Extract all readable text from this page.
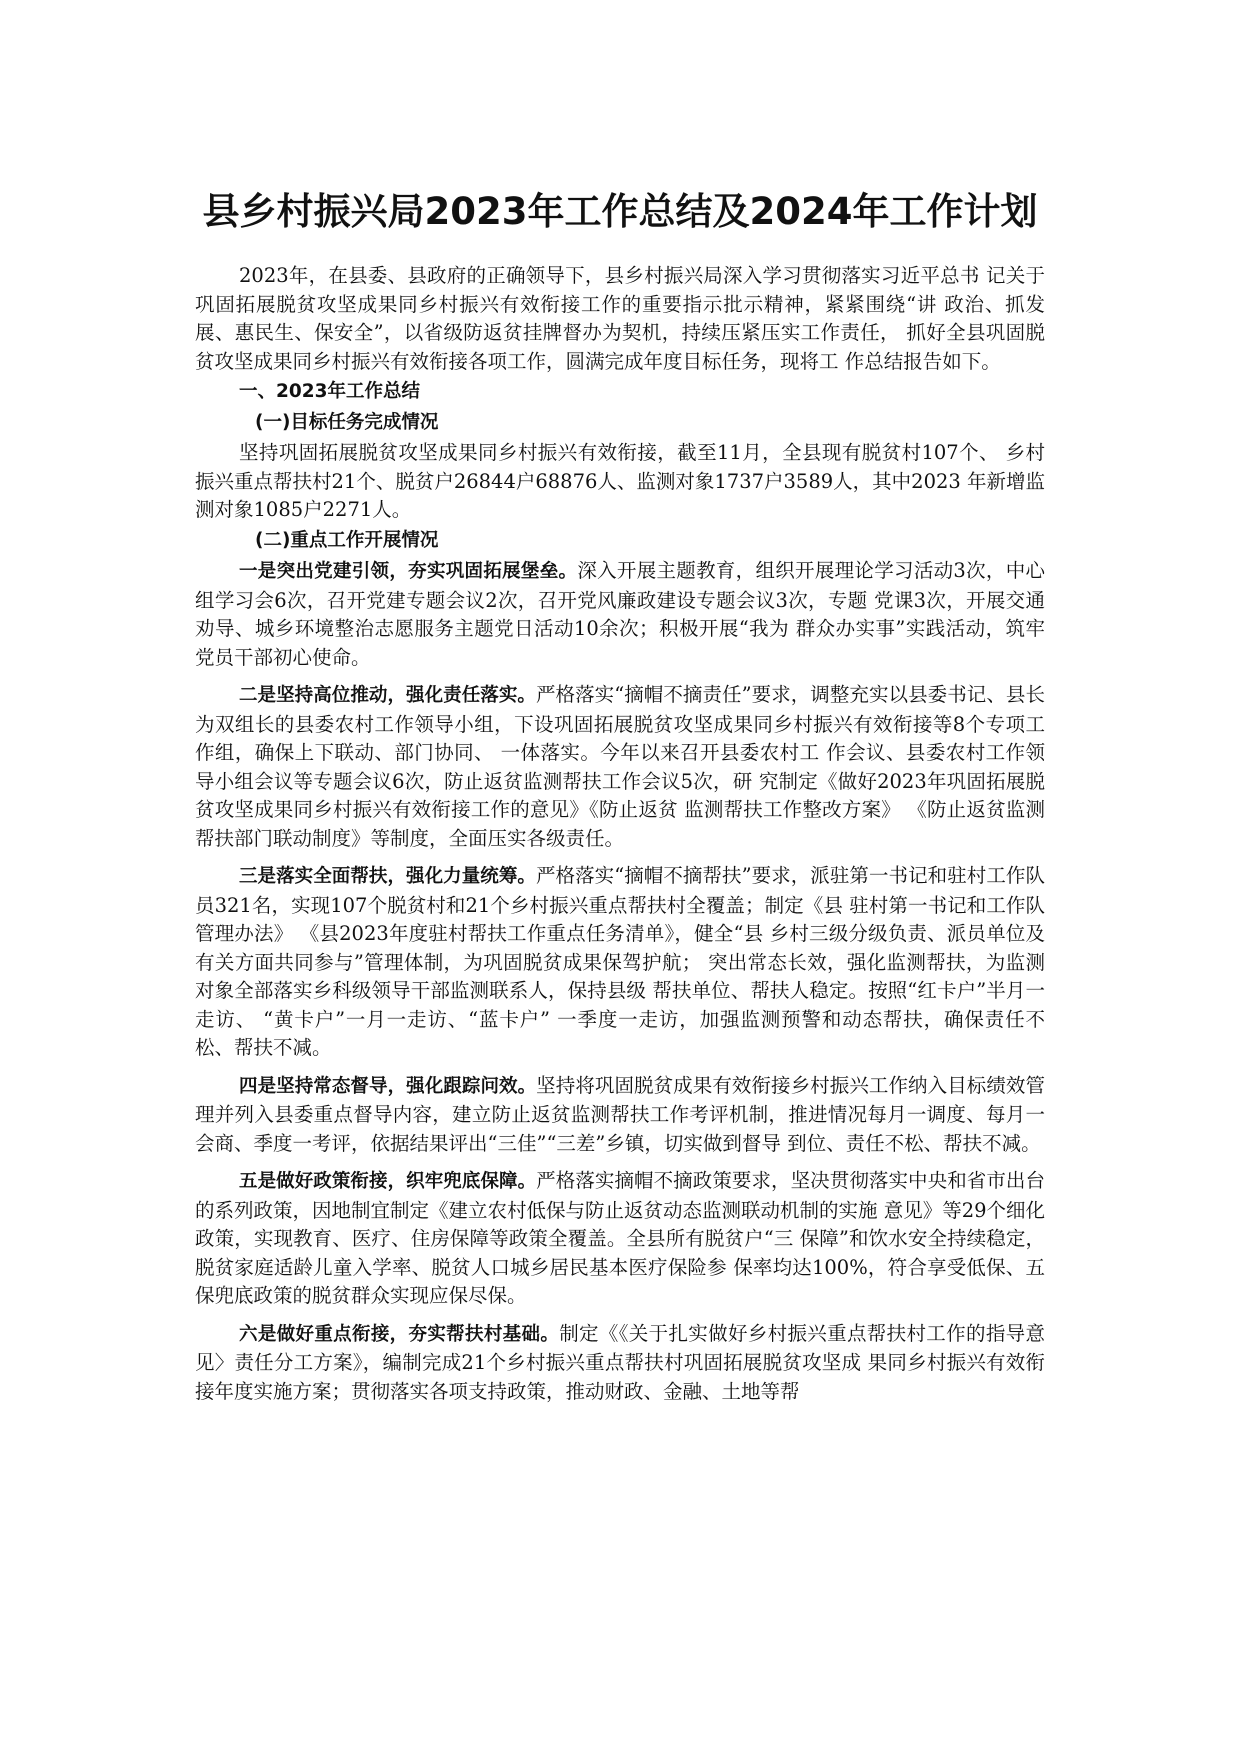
县乡村振兴局2023年工作总结及2024年工作计划

2023年，在县委、县政府的正确领导下，县乡村振兴局深入学习贯彻落实习近平总书 记关于巩固拓展脱贫攻坚成果同乡村振兴有效衔接工作的重要指示批示精神，紧紧围绕“讲 政治、抓发展、惠民生、保安全”，以省级防返贫挂牌督办为契机，持续压紧压实工作责任， 抓好全县巩固脱贫攻坚成果同乡村振兴有效衔接各项工作，圆满完成年度目标任务，现将工 作总结报告如下。

一、2023年工作总结

(一)目标任务完成情况

坚持巩固拓展脱贫攻坚成果同乡村振兴有效衔接，截至11月，全县现有脱贫村107个、 乡村振兴重点帮扶村21个、脱贫户26844户68876人、监测对象1737户3589人，其中2023 年新增监测对象1085户2271人。

(二)重点工作开展情况

一是突出党建引领，夯实巩固拓展堡垒。深入开展主题教育，组织开展理论学习活动3次，中心组学习会6次，召开党建专题会议2次，召开党风廉政建设专题会议3次，专题 党课3次，开展交通劝导、城乡环境整治志愿服务主题党日活动10余次；积极开展“我为 群众办实事”实践活动，筑牢党员干部初心使命。

二是坚持高位推动，强化责任落实。严格落实“摘帽不摘责任”要求，调整充实以县委书记、县长为双组长的县委农村工作领导小组，下设巩固拓展脱贫攻坚成果同乡村振兴有效衔接等8个专项工作组，确保上下联动、部门协同、 一体落实。今年以来召开县委农村工 作会议、县委农村工作领导小组会议等专题会议6次，防止返贫监测帮扶工作会议5次，研 究制定《做好2023年巩固拓展脱贫攻坚成果同乡村振兴有效衔接工作的意见》《防止返贫 监测帮扶工作整改方案》 《防止返贫监测帮扶部门联动制度》等制度，全面压实各级责任。

三是落实全面帮扶，强化力量统筹。严格落实“摘帽不摘帮扶”要求，派驻第一书记和驻村工作队员321名，实现107个脱贫村和21个乡村振兴重点帮扶村全覆盖；制定《县 驻村第一书记和工作队管理办法》 《县2023年度驻村帮扶工作重点任务清单》，健全“县 乡村三级分级负责、派员单位及有关方面共同参与”管理体制，为巩固脱贫成果保驾护航； 突出常态长效，强化监测帮扶，为监测对象全部落实乡科级领导干部监测联系人，保持县级 帮扶单位、帮扶人稳定。按照“红卡户”半月一走访、 “黄卡户”一月一走访、“蓝卡户” 一季度一走访，加强监测预警和动态帮扶，确保责任不松、帮扶不减。

四是坚持常态督导，强化跟踪问效。坚持将巩固脱贫成果有效衔接乡村振兴工作纳入目标绩效管理并列入县委重点督导内容，建立防止返贫监测帮扶工作考评机制，推进情况每月一调度、每月一会商、季度一考评，依据结果评出“三佳”“三差”乡镇，切实做到督导 到位、责任不松、帮扶不减。

五是做好政策衔接，织牢兜底保障。严格落实摘帽不摘政策要求，坚决贯彻落实中央和省市出台的系列政策，因地制宜制定《建立农村低保与防止返贫动态监测联动机制的实施 意见》等29个细化政策，实现教育、医疗、住房保障等政策全覆盖。全县所有脱贫户“三 保障”和饮水安全持续稳定，脱贫家庭适龄儿童入学率、脱贫人口城乡居民基本医疗保险参 保率均达100%，符合享受低保、五保兜底政策的脱贫群众实现应保尽保。

六是做好重点衔接，夯实帮扶村基础。制定《《关于扎实做好乡村振兴重点帮扶村工作的指导意见〉责任分工方案》，编制完成21个乡村振兴重点帮扶村巩固拓展脱贫攻坚成 果同乡村振兴有效衔接年度实施方案；贯彻落实各项支持政策，推动财政、金融、土地等帮
